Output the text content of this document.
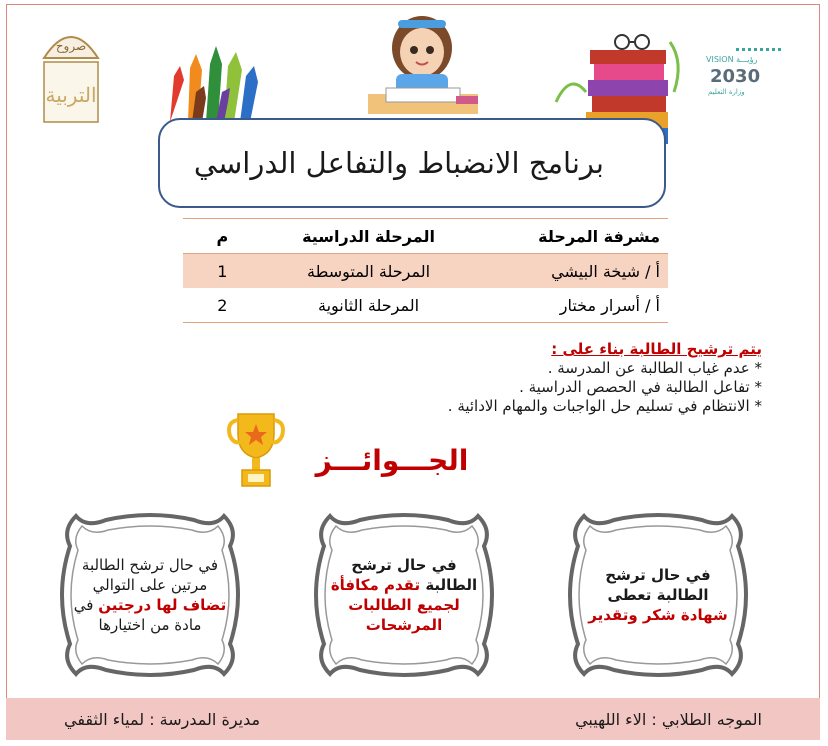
صروح
التربية
VISION رؤيـــة
2030
وزارة التعليم
برنامج الانضباط والتفاعل الدراسي
مشرفة المرحلة	المرحلة الدراسية	م
أ / شيخة البيشي	المرحلة المتوسطة	1
أ / أسرار مختار	المرحلة الثانوية	2
يتم ترشيح الطالبة بناء على :
* عدم غياب الطالبة عن المدرسة .
* تفاعل الطالبة في الحصص الدراسية .
* الانتظام في تسليم حل الواجبات والمهام الادائية .
الجـــوائـــز
في حال ترشح الطالبة تعطى
شهادة شكر وتقدير
في حال ترشح الطالبة تقدم مكافأة لجميع الطالبات المرشحات
في حال ترشح الطالبة مرتين على التوالي تضاف لها درجتين في مادة من اختيارها
الموجه الطلابي : الاء اللهيبي
مديرة المدرسة : لمياء الثقفي
